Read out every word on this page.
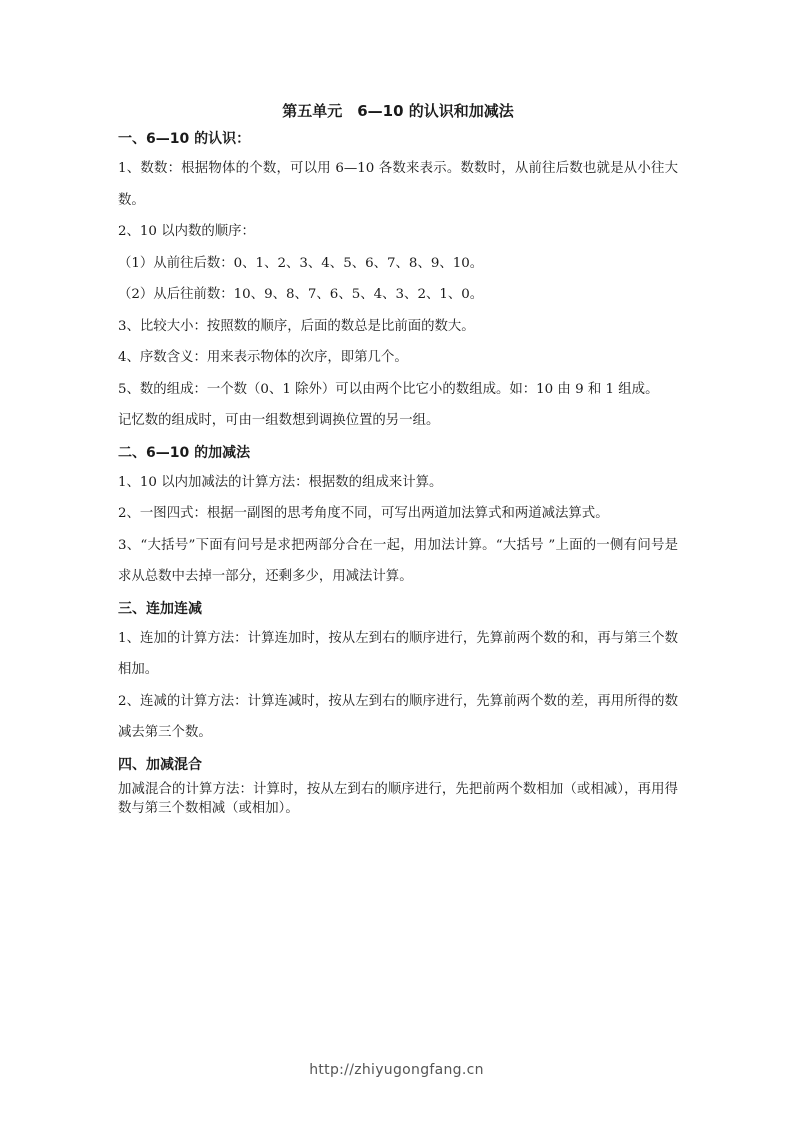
第五单元　6—10 的认识和加减法
一、6—10 的认识：

1、数数：根据物体的个数，可以用 6—10 各数来表示。数数时，从前往后数也就是从小往大数。

2、10 以内数的顺序：

（1）从前往后数：0、1、2、3、4、5、6、7、8、9、10。

（2）从后往前数：10、9、8、7、6、5、4、3、2、1、0。

3、比较大小：按照数的顺序，后面的数总是比前面的数大。

4、序数含义：用来表示物体的次序，即第几个。

5、数的组成：一个数（0、1 除外）可以由两个比它小的数组成。如：10 由 9 和 1 组成。

记忆数的组成时，可由一组数想到调换位置的另一组。

二、6—10 的加减法

1、10 以内加减法的计算方法：根据数的组成来计算。

2、一图四式：根据一副图的思考角度不同，可写出两道加法算式和两道减法算式。

3、“大括号”下面有问号是求把两部分合在一起，用加法计算。“大括号 ”上面的一侧有问号是求从总数中去掉一部分，还剩多少，用减法计算。

三、连加连减

1、连加的计算方法：计算连加时，按从左到右的顺序进行，先算前两个数的和，再与第三个数相加。

2、连减的计算方法：计算连减时，按从左到右的顺序进行，先算前两个数的差，再用所得的数减去第三个数。

四、加减混合

加减混合的计算方法：计算时，按从左到右的顺序进行，先把前两个数相加（或相减），再用得数与第三个数相减（或相加）。

http://zhiyugongfang.cn
